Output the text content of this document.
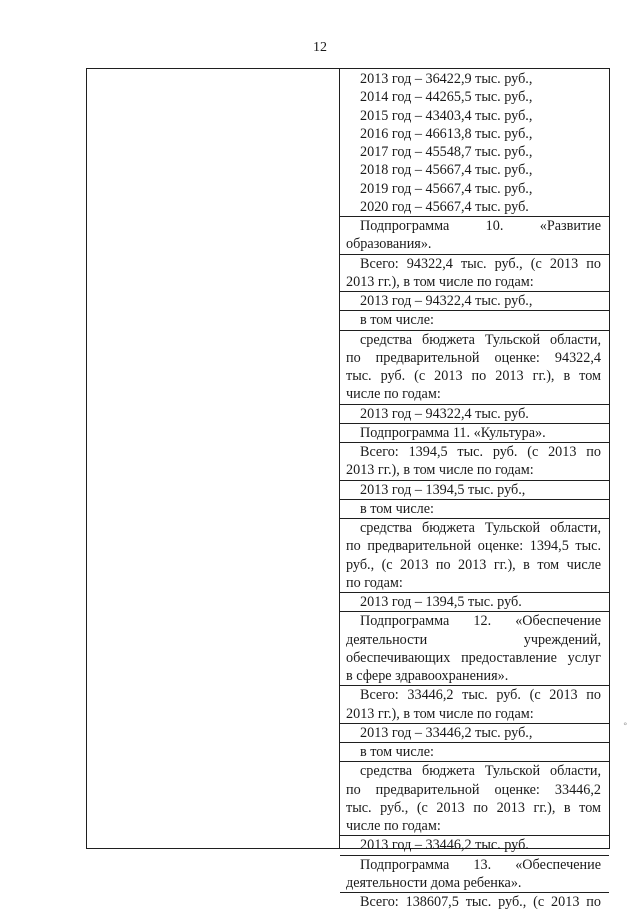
12
2013 год – 36422,9 тыс. руб.,
2014 год – 44265,5 тыс. руб.,
2015 год – 43403,4 тыс. руб.,
2016 год – 46613,8 тыс. руб.,
2017 год – 45548,7 тыс. руб.,
2018 год – 45667,4 тыс. руб.,
2019 год – 45667,4 тыс. руб.,
2020 год – 45667,4 тыс. руб.
Подпрограмма 10. «Развитие
образования».
Всего: 94322,4 тыс. руб., (с 2013 по
2013 гг.), в том числе по годам:
2013 год – 94322,4 тыс. руб.,
в том числе:
средства бюджета Тульской области,
по предварительной оценке: 94322,4
тыс. руб. (с 2013 по 2013 гг.), в том
числе по годам:
2013 год – 94322,4 тыс. руб.
Подпрограмма 11. «Культура».
Всего: 1394,5 тыс. руб. (с 2013 по
2013 гг.), в том числе по годам:
2013 год – 1394,5 тыс. руб.,
в том числе:
средства бюджета Тульской области,
по предварительной оценке: 1394,5 тыс.
руб., (с 2013 по 2013 гг.), в том числе
по годам:
2013 год – 1394,5 тыс. руб.
Подпрограмма 12. «Обеспечение
деятельности учреждений,
обеспечивающих предоставление услуг
в сфере здравоохранения».
Всего: 33446,2 тыс. руб. (с 2013 по
2013 гг.), в том числе по годам:
2013 год – 33446,2 тыс. руб.,
в том числе:
средства бюджета Тульской области,
по предварительной оценке: 33446,2
тыс. руб., (с 2013 по 2013 гг.), в том
числе по годам:
2013 год – 33446,2 тыс. руб.
Подпрограмма 13. «Обеспечение
деятельности дома ребенка».
Всего: 138607,5 тыс. руб., (с 2013 по
°
